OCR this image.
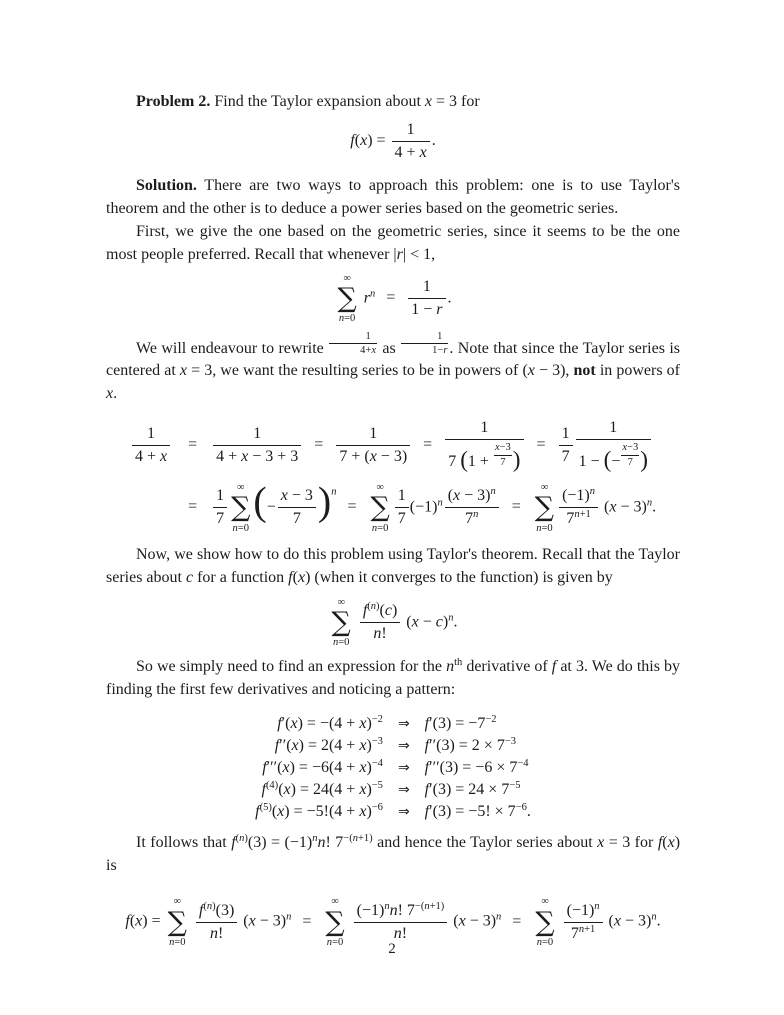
Problem 2. Find the Taylor expansion about x = 3 for

$f(x) = \frac{1}{4 + x}$ .

Solution. There are two ways to approach this problem: one is to use Taylor's theorem and the other is to deduce a power series based on the geometric series.

First, we give the one based on the geometric series, since it seems to be the one most people preferred. Recall that whenever |r| < 1,

∞
∑
n=0
$r^n = \frac{1}{1 - r}$ .

We will endeavour to rewrite $\frac{1}{4+x}$ as $\frac{1}{1-r}$ . Note that since the Taylor series is centered at x = 3, we want the resulting series to be in powers of (x − 3), not in powers of x.

$\frac{1}{4 + x} = \frac{1}{4 + x - 3 + 3} = \frac{1}{7 + (x - 3)} = \frac{1}{7 (1 + \frac{x-3}{7} )} = \frac{1}{7} \frac{1}{1 - (- \frac{x-3}{7} )}$
= $\frac{1}{7}$ ∞
∑
n=0
(− $\frac{x - 3}{7} )^n$ =
∞
∑
$n=0 \frac{1}{7} (-1)^n \frac{(x - 3)^n}{7^n}$ =
∞
∑
$n=0 \frac{(-1)^n}{7^{n+1}} (x - 3)^n$.

Now, we show how to do this problem using Taylor's theorem. Recall that the Taylor series about c for a function f(x) (when it converges to the function) is given by

∞
∑
n=0
$\frac{f^{(n)}(c)}{n!} (x - c)^n$.

So we simply need to find an expression for the $n^{th}$ derivative of f at 3. We do this by finding the first few derivatives and noticing a pattern:

$f'(x) = -(4 + x)^{-2}$ ⇒ $f'(3) = -7^{-2}$
$f''(x) = 2(4 + x)^{-3}$ ⇒ $f''(3) = 2 \times 7^{-3}$
$f'''(x) = -6(4 + x)^{-4}$ ⇒ $f'''(3) = -6 \times 7^{-4}$
$f^{(4)}(x) = 24(4 + x)^{-5}$ ⇒ $f'(3) = 24 \times 7^{-5}$
$f^{(5)}(x) = -5!(4 + x)^{-6}$ ⇒ f′(3) = −5! × $7^{-6}$.

It follows that $f^{(n)}(3) = (-1)^nn$! $7^{-(n+1)}$ and hence the Taylor series about x = 3 for f(x) is

f(x) =
∞
∑
n=0
$\frac{f^{(n)}(3)}{n!} (x - 3)^n$ =
∞
∑
n=0
$\frac{(-1)^nn! 7^{-(n+1)}}{n!} (x - 3)^n$ =
∞
∑
n=0
$\frac{(-1)^n}{7^{n+1}} (x - 3)^n$.
2
